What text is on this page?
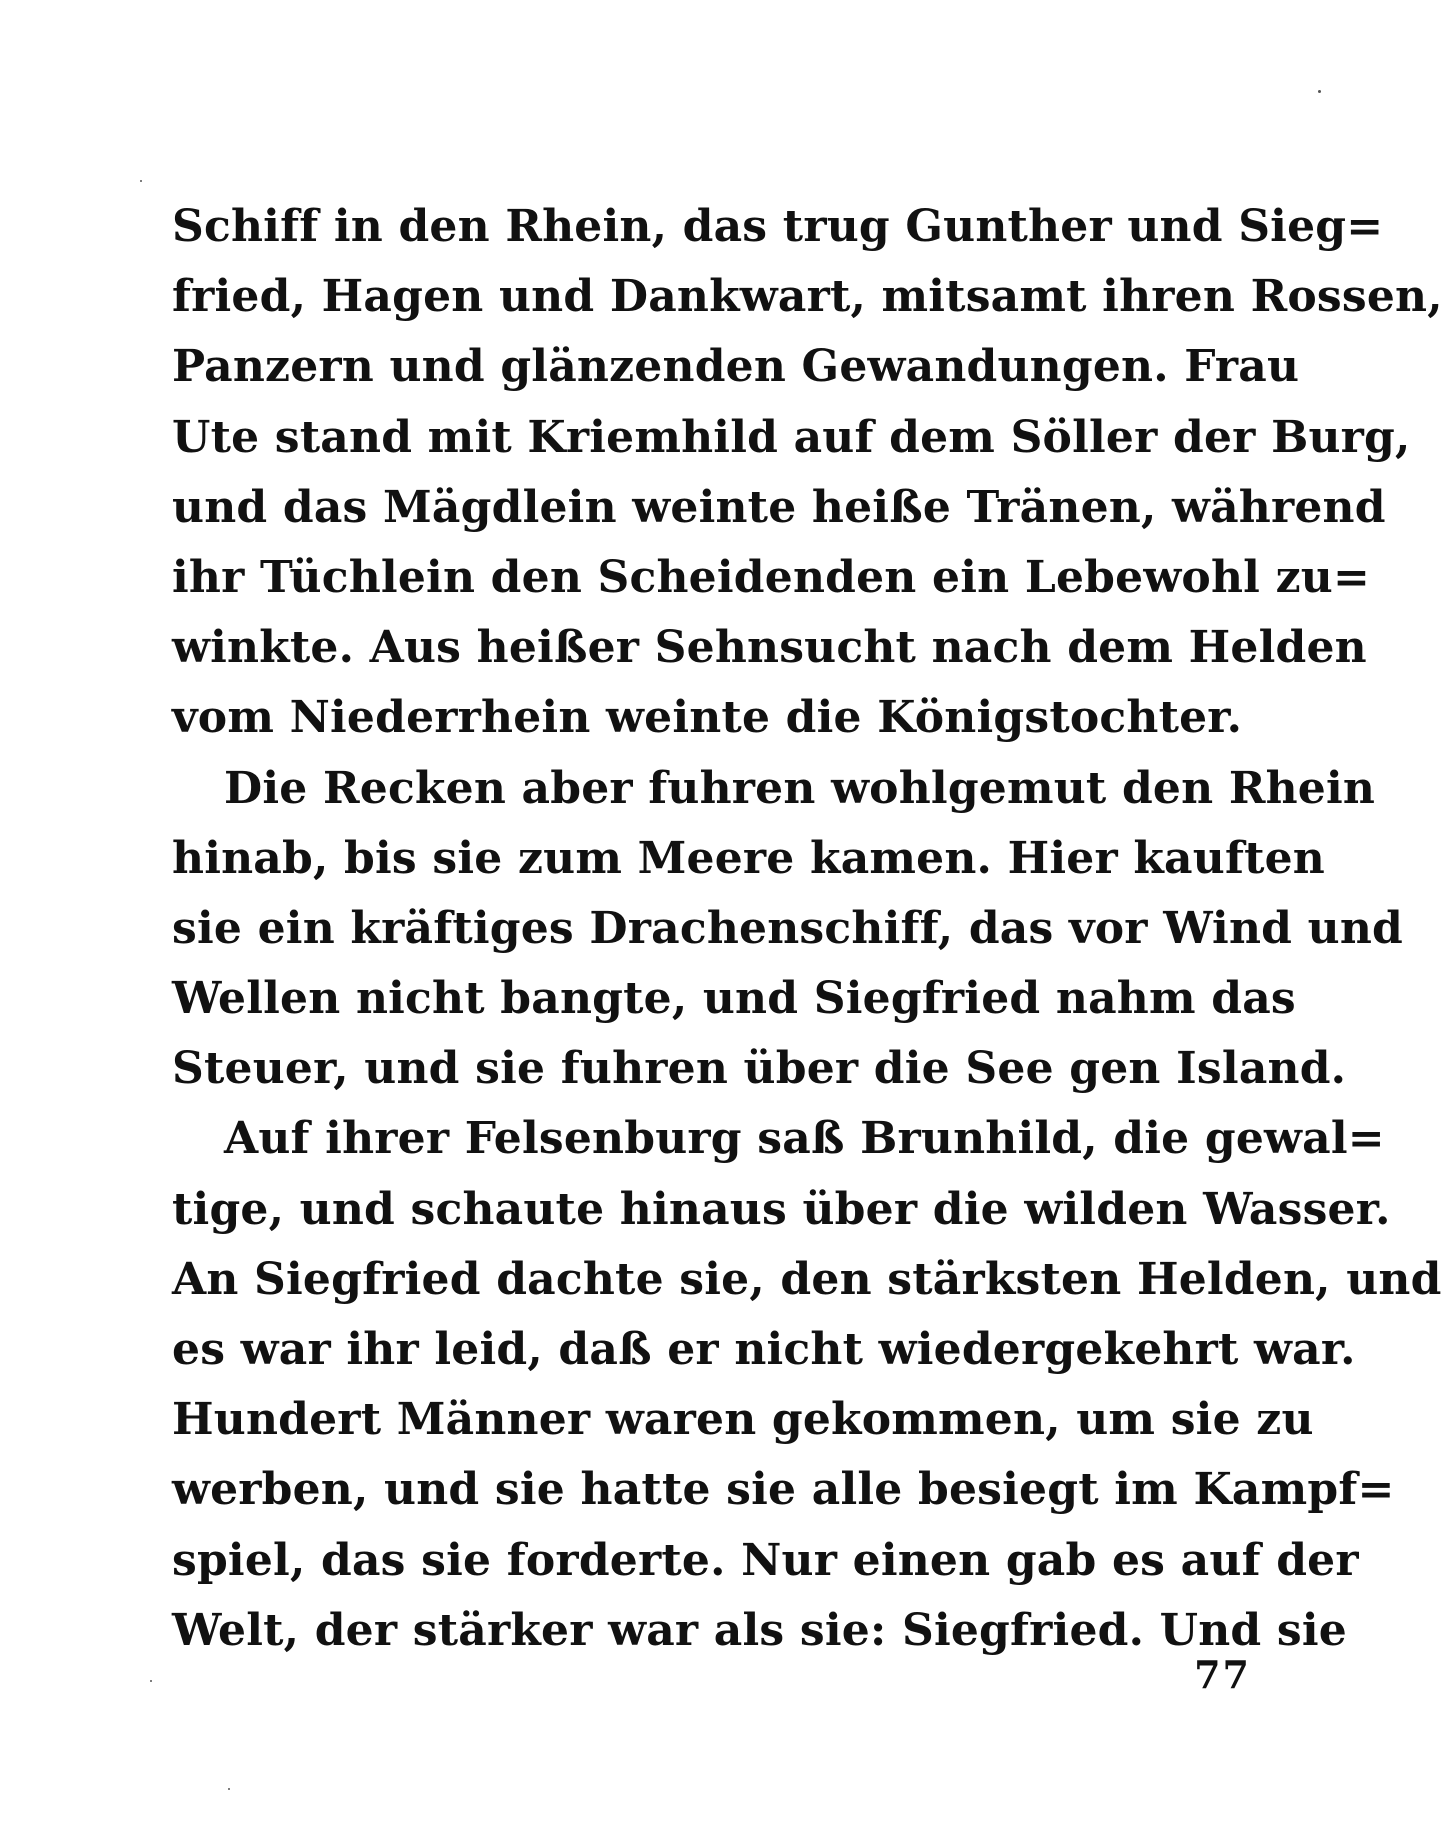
Schiff in den Rhein, das trug Gunther und Sieg=
fried, Hagen und Dankwart, mitsamt ihren Rossen,
Panzern und glänzenden Gewandungen. Frau
Ute stand mit Kriemhild auf dem Söller der Burg,
und das Mägdlein weinte heiße Tränen, während
ihr Tüchlein den Scheidenden ein Lebewohl zu=
winkte. Aus heißer Sehnsucht nach dem Helden
vom Niederrhein weinte die Königstochter.
Die Recken aber fuhren wohlgemut den Rhein
hinab, bis sie zum Meere kamen. Hier kauften
sie ein kräftiges Drachenschiff, das vor Wind und
Wellen nicht bangte, und Siegfried nahm das
Steuer, und sie fuhren über die See gen Island.
Auf ihrer Felsenburg saß Brunhild, die gewal=
tige, und schaute hinaus über die wilden Wasser.
An Siegfried dachte sie, den stärksten Helden, und
es war ihr leid, daß er nicht wiedergekehrt war.
Hundert Männer waren gekommen, um sie zu
werben, und sie hatte sie alle besiegt im Kampf=
spiel, das sie forderte. Nur einen gab es auf der
Welt, der stärker war als sie: Siegfried. Und sie
77
